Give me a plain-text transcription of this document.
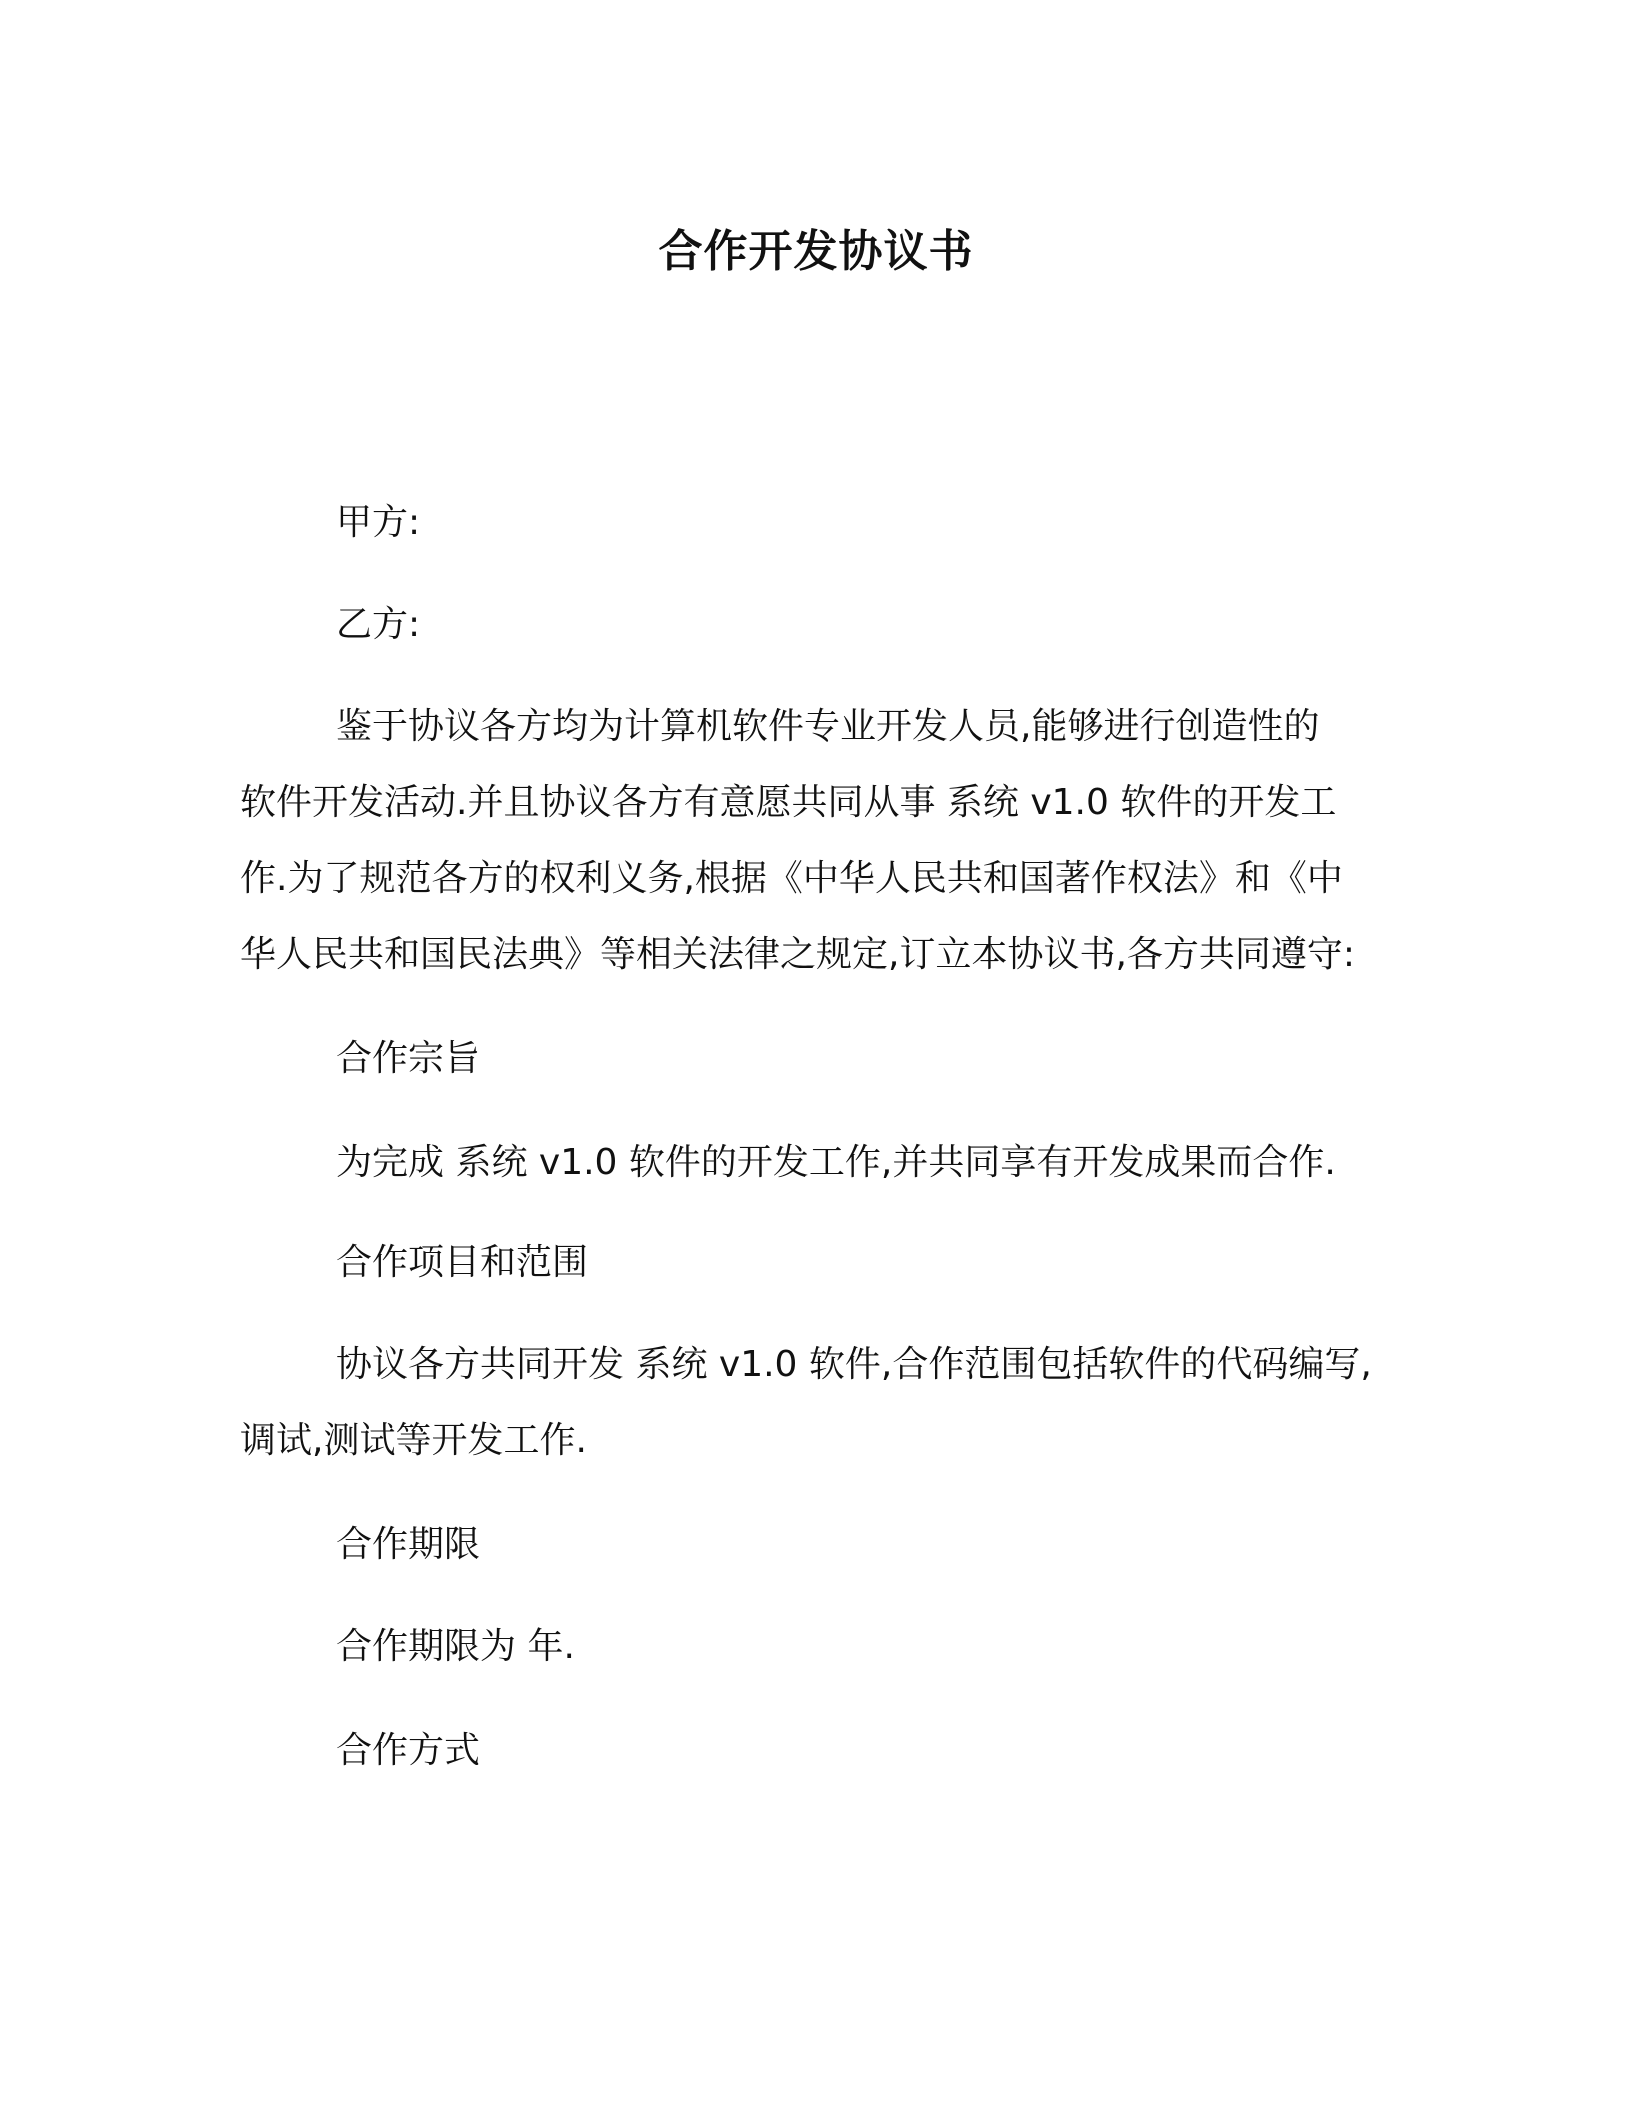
合作开发协议书
甲方:
乙方:
鉴于协议各方均为计算机软件专业开发人员,能够进行创造性的
软件开发活动.并且协议各方有意愿共同从事 系统 v1.0 软件的开发工
作.为了规范各方的权利义务,根据《中华人民共和国著作权法》和《中
华人民共和国民法典》等相关法律之规定,订立本协议书,各方共同遵守:
合作宗旨
为完成 系统 v1.0 软件的开发工作,并共同享有开发成果而合作.
合作项目和范围
协议各方共同开发 系统 v1.0 软件,合作范围包括软件的代码编写,
调试,测试等开发工作.
合作期限
合作期限为 年.
合作方式
